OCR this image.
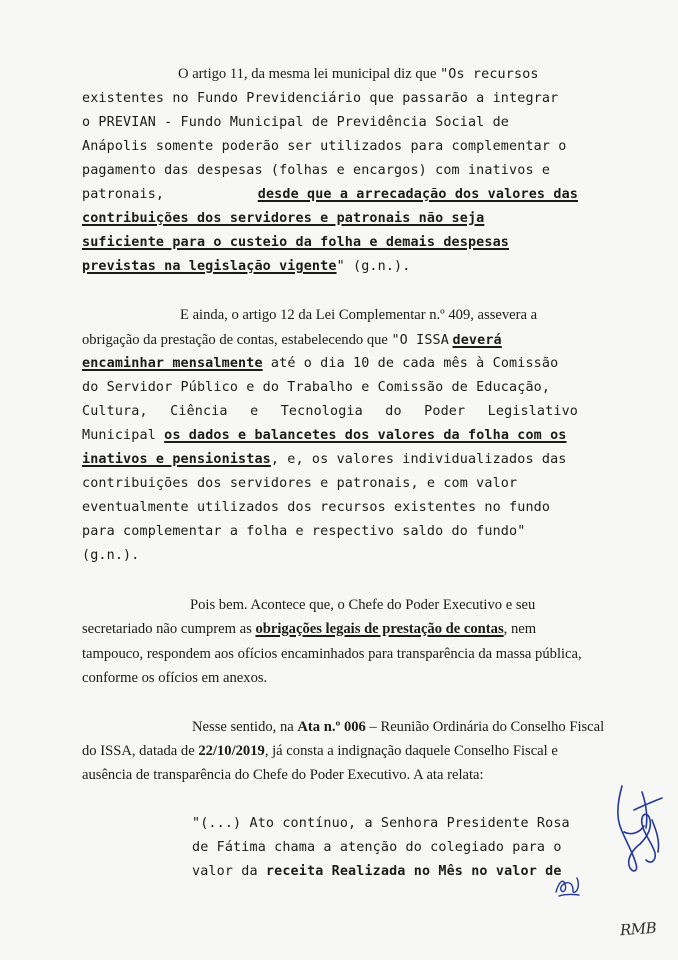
O artigo 11, da mesma lei municipal diz que "Os recursos
existentes no Fundo Previdenciário que passarão a integrar
o PREVIAN - Fundo Municipal de Previdência Social de
Anápolis somente poderão ser utilizados para complementar o
pagamento das despesas (folhas e encargos) com inativos e
patronais,	desde que a arrecadação dos valores das
contribuições dos servidores e patronais não seja
suficiente para o custeio da folha e demais despesas
previstas na legislação vigente" (g.n.).
E ainda, o artigo 12 da Lei Complementar n.º 409, assevera a
obrigação da prestação de contas, estabelecendo que "O ISSA deverá
encaminhar mensalmente até o dia 10 de cada mês à Comissão
do Servidor Público e do Trabalho e Comissão de Educação,
Cultura, Ciência e Tecnologia do Poder Legislativo
Municipal os dados e balancetes dos valores da folha com os
inativos e pensionistas, e, os valores individualizados das
contribuições dos servidores e patronais, e com valor
eventualmente utilizados dos recursos existentes no fundo
para complementar a folha e respectivo saldo do fundo"
(g.n.).
Pois bem. Acontece que, o Chefe do Poder Executivo e seu
secretariado não cumprem as obrigações legais de prestação de contas, nem
tampouco, respondem aos ofícios encaminhados para transparência da massa pública,
conforme os ofícios em anexos.
Nesse sentido, na Ata n.º 006 – Reunião Ordinária do Conselho Fiscal
do ISSA, datada de 22/10/2019, já consta a indignação daquele Conselho Fiscal e
ausência de transparência do Chefe do Poder Executivo. A ata relata:
"(...) Ato contínuo, a Senhora Presidente Rosa
de Fátima chama a atenção do colegiado para o
valor da receita Realizada no Mês no valor de
RMB
